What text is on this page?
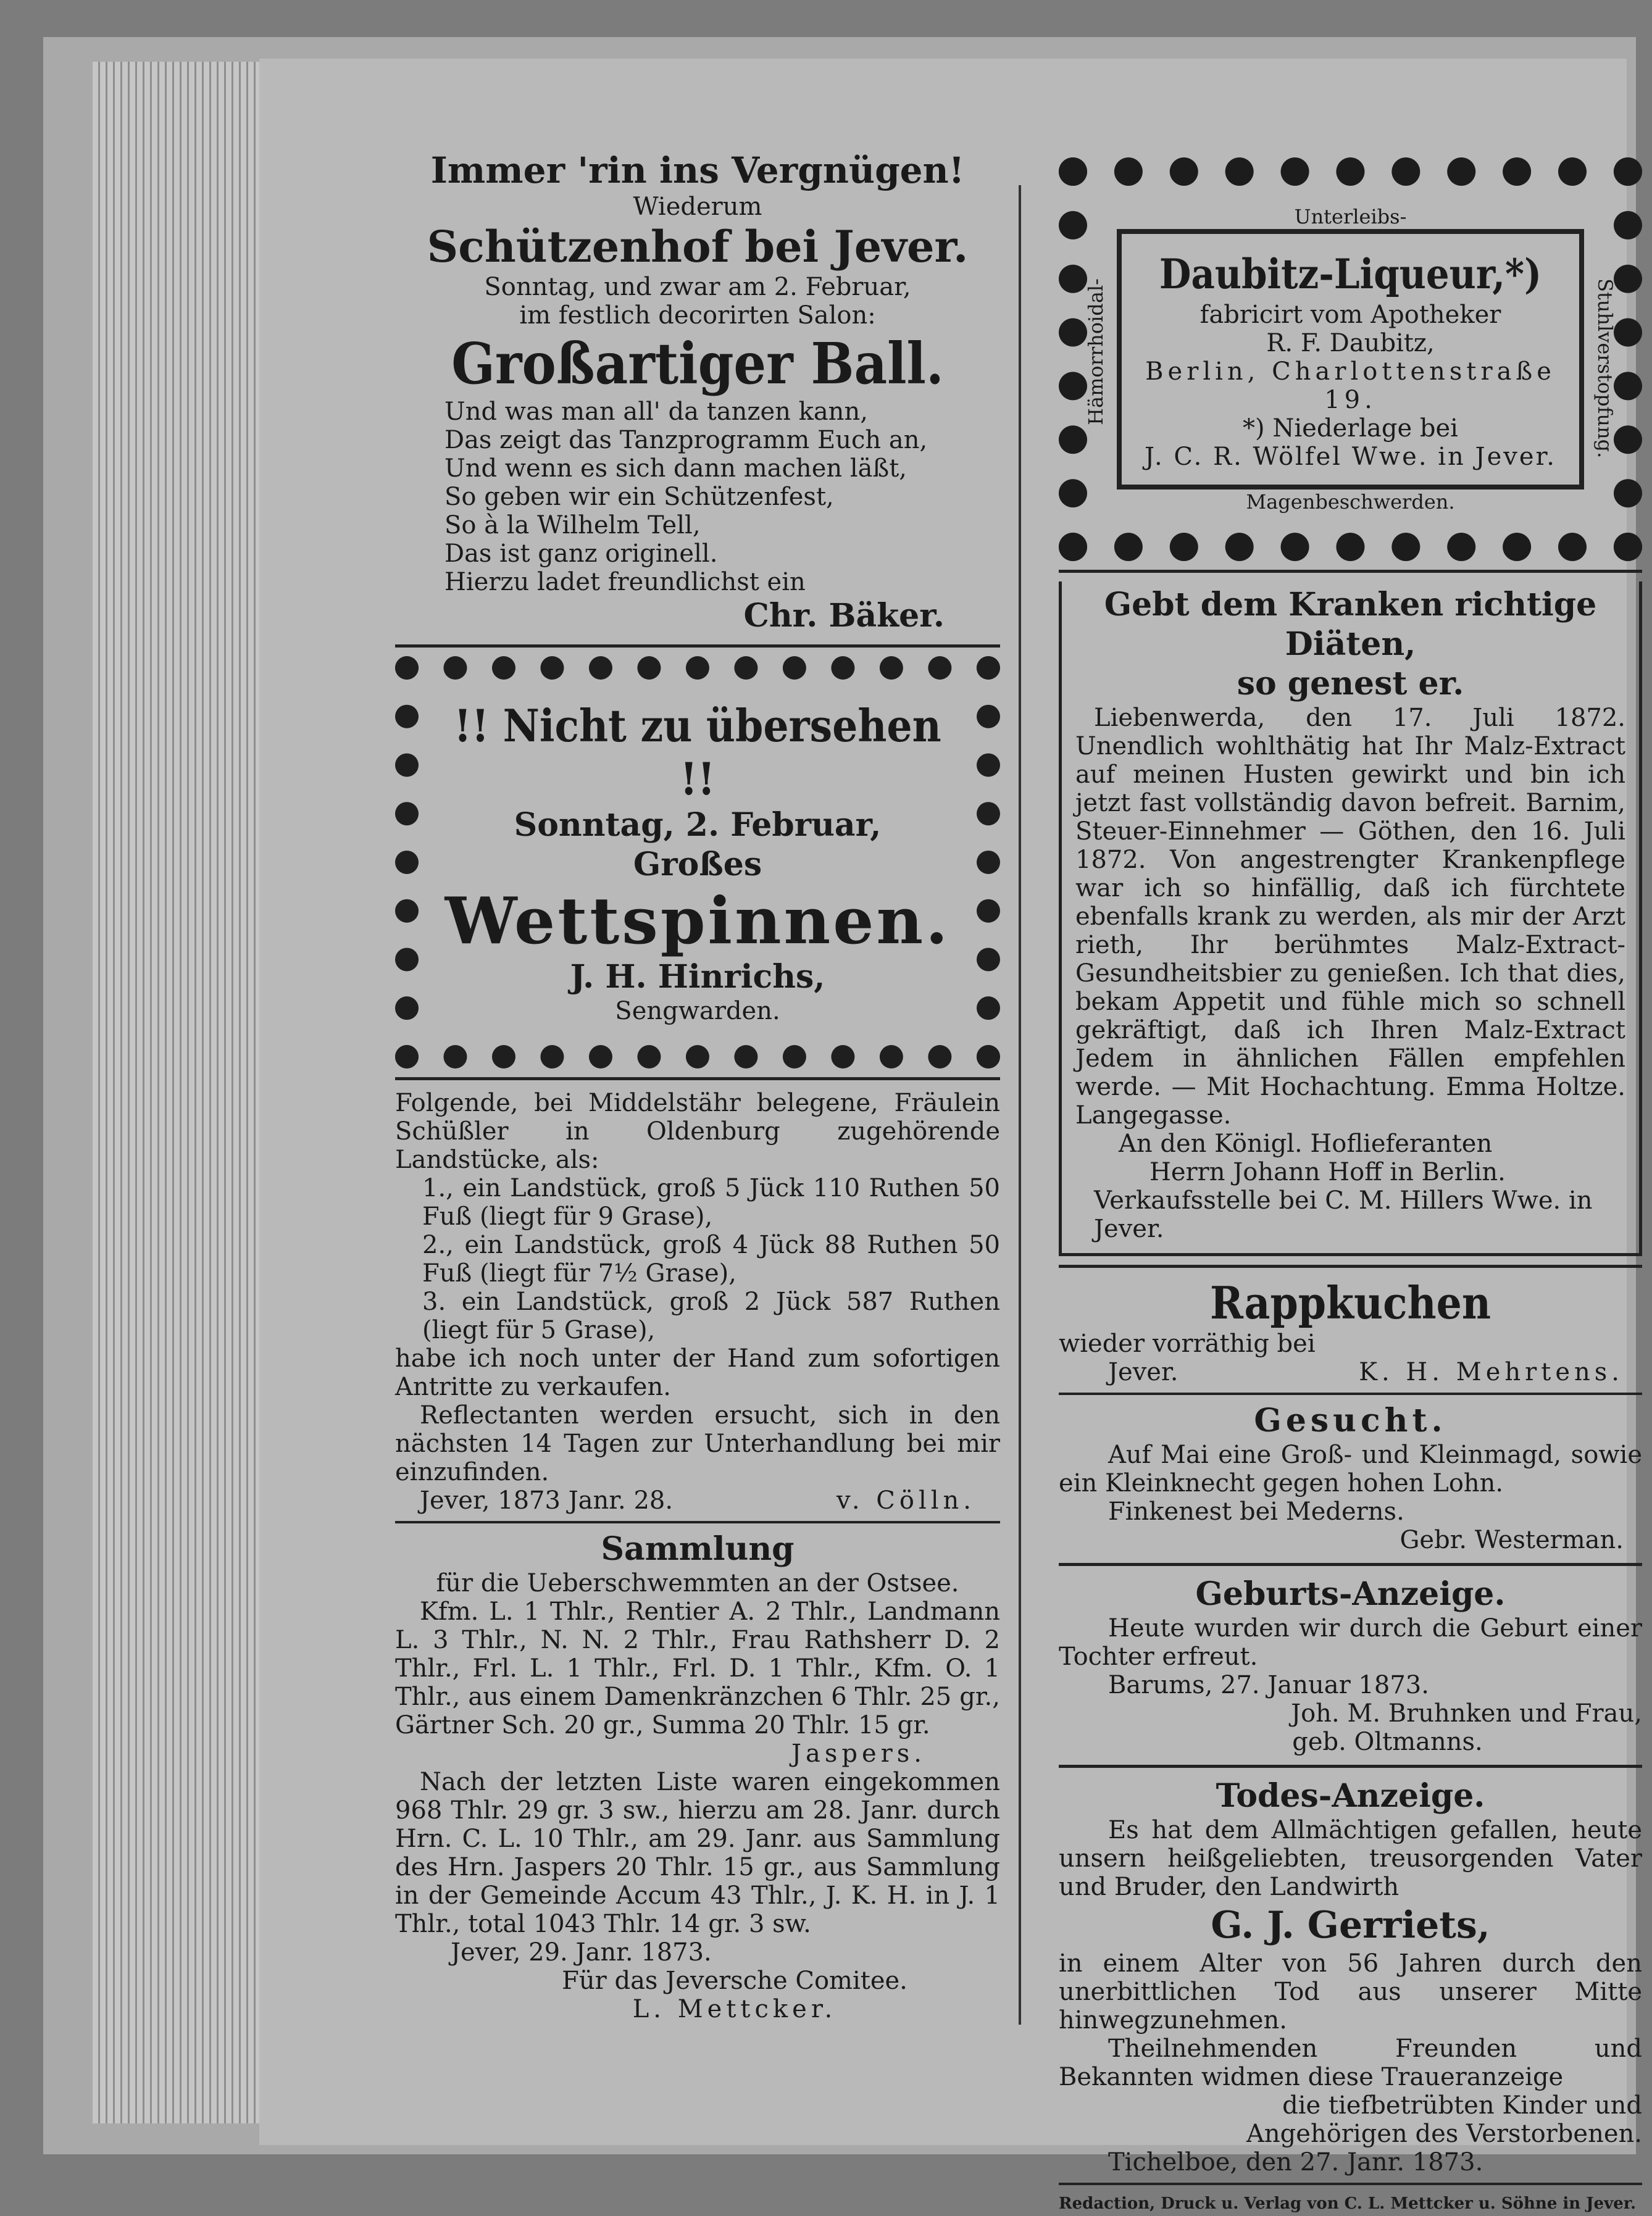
Immer 'rin ins Vergnügen!

Wiederum

Schützenhof bei Jever.

Sonntag, und zwar am 2. Februar,

im festlich decorirten Salon:

Großartiger Ball.

Und was man all' da tanzen kann,

Das zeigt das Tanzprogramm Euch an,

Und wenn es sich dann machen läßt,

So geben wir ein Schützenfest,

So à la Wilhelm Tell,

Das ist ganz originell.

Hierzu ladet freundlichst ein

Chr. Bäker.

!! Nicht zu übersehen !!

Sonntag, 2. Februar,

Großes

Wettspinnen.

J. H. Hinrichs,

Sengwarden.

Folgende, bei Middelstähr belegene, Fräulein Schüßler in Oldenburg zugehörende Landstücke, als:

1., ein Landstück, groß 5 Jück 110 Ruthen 50 Fuß (liegt für 9 Grase),

2., ein Landstück, groß 4 Jück 88 Ruthen 50 Fuß (liegt für 7½ Grase),

3. ein Landstück, groß 2 Jück 587 Ruthen (liegt für 5 Grase),

habe ich noch unter der Hand zum sofortigen Antritte zu verkaufen.

Reflectanten werden ersucht, sich in den nächsten 14 Tagen zur Unterhandlung bei mir einzufinden.

Jever, 1873 Janr. 28.	v. Cölln.

Sammlung

für die Ueberschwemmten an der Ostsee.

Kfm. L. 1 Thlr., Rentier A. 2 Thlr., Landmann L. 3 Thlr., N. N. 2 Thlr., Frau Rathsherr D. 2 Thlr., Frl. L. 1 Thlr., Frl. D. 1 Thlr., Kfm. O. 1 Thlr., aus einem Damenkränzchen 6 Thlr. 25 gr., Gärtner Sch. 20 gr., Summa 20 Thlr. 15 gr.

Jaspers.

Nach der letzten Liste waren eingekommen 968 Thlr. 29 gr. 3 sw., hierzu am 28. Janr. durch Hrn. C. L. 10 Thlr., am 29. Janr. aus Sammlung des Hrn. Jaspers 20 Thlr. 15 gr., aus Sammlung in der Gemeinde Accum 43 Thlr., J. K. H. in J. 1 Thlr., total 1043 Thlr. 14 gr. 3 sw.

Jever, 29. Janr. 1873.

Für das Jeversche Comitee.

L. Mettcker.

Unterleibs-

Hämorrhoidal-	Stuhlverstopfung.

Daubitz-Liqueur,*)

fabricirt vom Apotheker

R. F. Daubitz,

Berlin, Charlottenstraße 19.

*) Niederlage bei

J. C. R. Wölfel Wwe. in Jever.

Magenbeschwerden.

Gebt dem Kranken richtige Diäten,

so genest er.

Liebenwerda, den 17. Juli 1872. Unendlich wohlthätig hat Ihr Malz-Extract auf meinen Husten gewirkt und bin ich jetzt fast vollständig davon befreit. Barnim, Steuer-Einnehmer — Göthen, den 16. Juli 1872. Von angestrengter Krankenpflege war ich so hinfällig, daß ich fürchtete ebenfalls krank zu werden, als mir der Arzt rieth, Ihr berühmtes Malz-Extract-Gesundheitsbier zu genießen. Ich that dies, bekam Appetit und fühle mich so schnell gekräftigt, daß ich Ihren Malz-Extract Jedem in ähnlichen Fällen empfehlen werde. — Mit Hochachtung. Emma Holtze. Langegasse.

An den Königl. Hoflieferanten

Herrn Johann Hoff in Berlin.

Verkaufsstelle bei C. M. Hillers Wwe. in Jever.

Rappkuchen

wieder vorräthig bei

Jever.	K. H. Mehrtens.

Gesucht.

Auf Mai eine Groß- und Kleinmagd, sowie ein Kleinknecht gegen hohen Lohn.

Finkenest bei Mederns.

Gebr. Westerman.

Geburts-Anzeige.

Heute wurden wir durch die Geburt einer Tochter erfreut.

Barums, 27. Januar 1873.

Joh. M. Bruhnken und Frau,

geb. Oltmanns.

Todes-Anzeige.

Es hat dem Allmächtigen gefallen, heute unsern heißgeliebten, treusorgenden Vater und Bruder, den Landwirth

G. J. Gerriets,

in einem Alter von 56 Jahren durch den unerbittlichen Tod aus unserer Mitte hinwegzunehmen.

Theilnehmenden Freunden und Bekannten widmen diese Traueranzeige

die tiefbetrübten Kinder und

Angehörigen des Verstorbenen.

Tichelboe, den 27. Janr. 1873.

Redaction, Druck u. Verlag von C. L. Mettcker u. Söhne in Jever.
